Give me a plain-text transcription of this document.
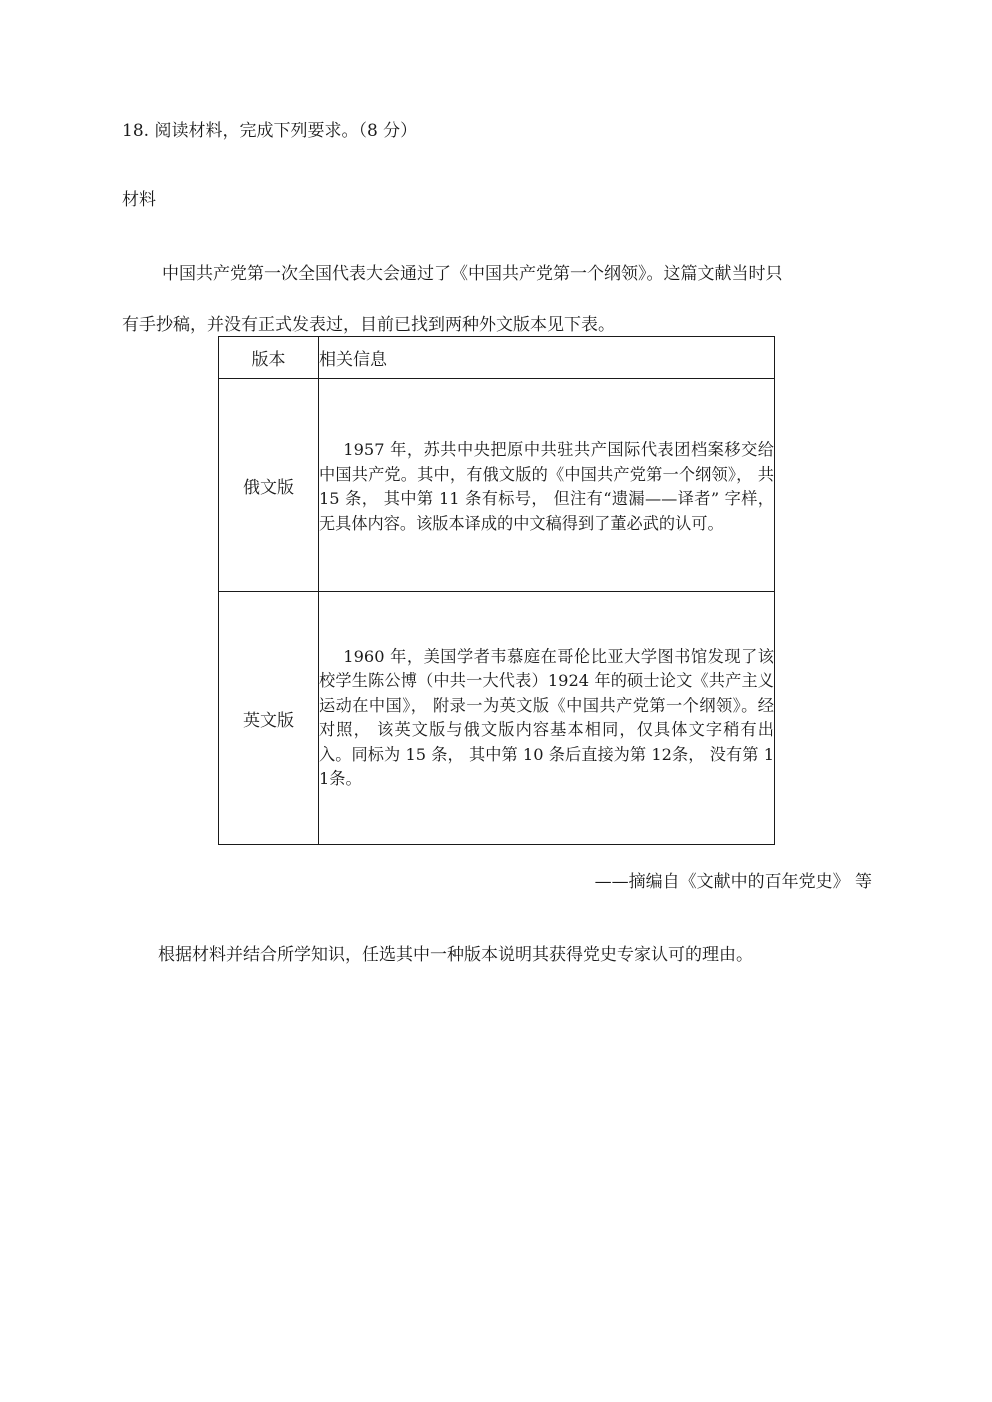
18. 阅读材料，完成下列要求。（8 分）
材料
中国共产党第一次全国代表大会通过了《中国共产党第一个纲领》。这篇文献当时只
有手抄稿，并没有正式发表过，目前已找到两种外文版本见下表。
版本	相关信息
俄文版	1957 年，苏共中央把原中共驻共产国际代表团档案移交给中国共产党。其中，有俄文版的《中国共产党第一个纲领》， 共 15 条， 其中第 11 条有标号， 但注有“遗漏——译者” 字样， 无具体内容。该版本译成的中文稿得到了董必武的认可。

英文版	1960 年，美国学者韦慕庭在哥伦比亚大学图书馆发现了该校学生陈公博（中共一大代表）1924 年的硕士论文《共产主义运动在中国》， 附录一为英文版《中国共产党第一个纲领》。经对照， 该英文版与俄文版内容基本相同，仅具体文字稍有出入。同标为 15 条， 其中第 10 条后直接为第 12条， 没有第 11条。

——摘编自《文献中的百年党史》 等
根据材料并结合所学知识，任选其中一种版本说明其获得党史专家认可的理由。
